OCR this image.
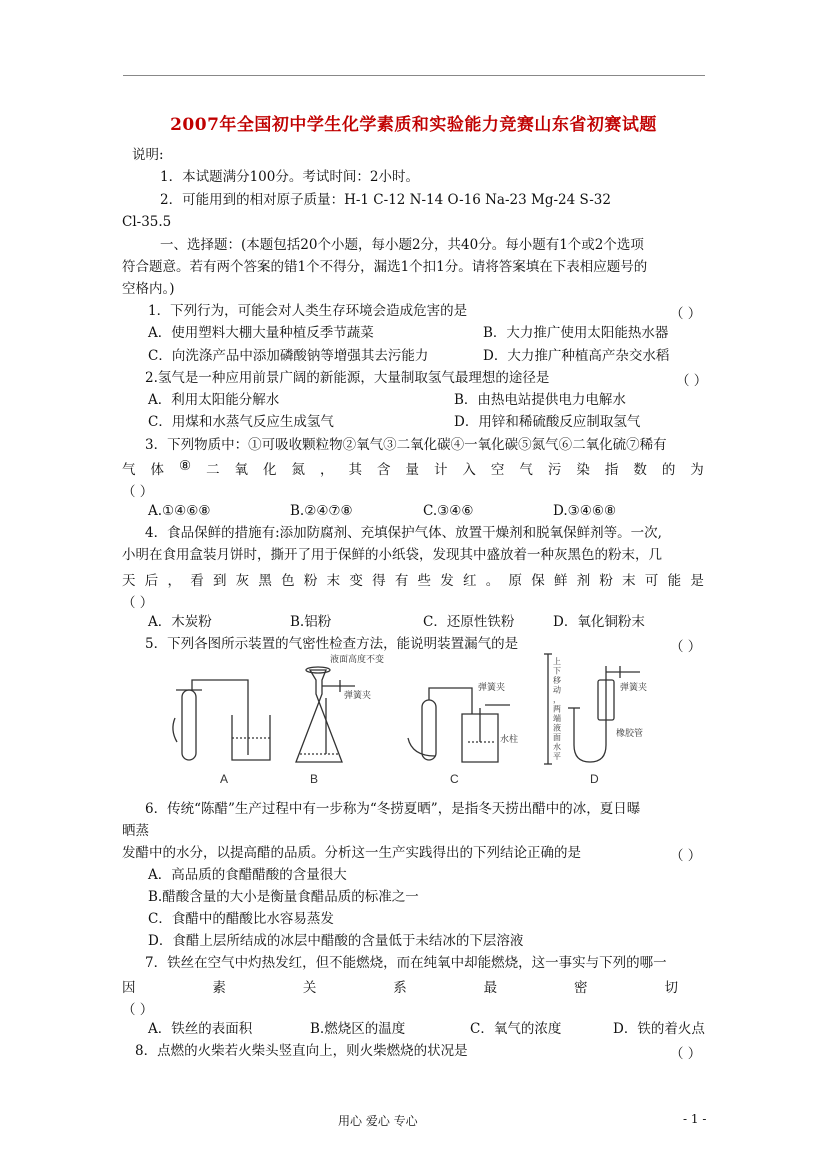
2007年全国初中学生化学素质和实验能力竞赛山东省初赛试题
说明:
1．本试题满分100分。考试时间：2小时。
2．可能用到的相对原子质量：H-1 C-12 N-14 O-16 Na-23 Mg-24 S-32
Cl-35.5
一、选择题：(本题包括20个小题，每小题2分，共40分。每小题有1个或2个选项
符合题意。若有两个答案的错1个不得分，漏选1个扣1分。请将答案填在下表相应题号的
空格内。)
1．下列行为，可能会对人类生存环境会造成危害的是	（ ）
A．使用塑料大棚大量种植反季节蔬菜	B．大力推广使用太阳能热水器
C．向洗涤产品中添加磷酸钠等增强其去污能力	D．大力推广种植高产杂交水稻
2.氢气是一种应用前景广阔的新能源，大量制取氢气最理想的途径是	（ ）
A．利用太阳能分解水	B．由热电站提供电力电解水
C．用煤和水蒸气反应生成氢气	D．用锌和稀硫酸反应制取氢气
3．下列物质中：①可吸收颗粒物②氧气③二氧化碳④一氧化碳⑤氮气⑥二氧化硫⑦稀有
气 体 ⑧ 二 氧 化 氮 ， 其 含 量 计 入 空 气 污 染 指 数 的 为
（ ）
A.①④⑥⑧	B.②④⑦⑧	C.③④⑥	D.③④⑥⑧
4．食品保鲜的措施有:添加防腐剂、充填保护气体、放置干燥剂和脱氧保鲜剂等。一次,
小明在食用盒装月饼时，撕开了用于保鲜的小纸袋，发现其中盛放着一种灰黑色的粉末，几
天 后 ， 看 到 灰 黑 色 粉 末 变 得 有 些 发 红 。 原 保 鲜 剂 粉 末 可 能 是
（ ）
A．木炭粉	B.铝粉	C．还原性铁粉	D．氧化铜粉末
5．下列各图所示装置的气密性检查方法，能说明装置漏气的是	（ ）
A	B	C	D
液面高度不变
弹簧夹
弹簧夹
水柱
弹簧夹
橡胶管
上
下
移
动
，
两
端
液
面
水
平
6．传统“陈醋”生产过程中有一步称为“冬捞夏晒”，是指冬天捞出醋中的冰，夏日曝
晒蒸
发醋中的水分，以提高醋的品质。分析这一生产实践得出的下列结论正确的是	（ ）
A．高品质的食醋醋酸的含量很大
B.醋酸含量的大小是衡量食醋品质的标准之一
C．食醋中的醋酸比水容易蒸发
D．食醋上层所结成的冰层中醋酸的含量低于未结冰的下层溶液
7．铁丝在空气中灼热发红，但不能燃烧，而在纯氧中却能燃烧，这一事实与下列的哪一
因	素	关	系	最	密	切
（ ）
A．铁丝的表面积	B.燃烧区的温度	C．氧气的浓度	D．铁的着火点
8．点燃的火柴若火柴头竖直向上，则火柴燃烧的状况是	（ ）
用心 爱心 专心	- 1 -
